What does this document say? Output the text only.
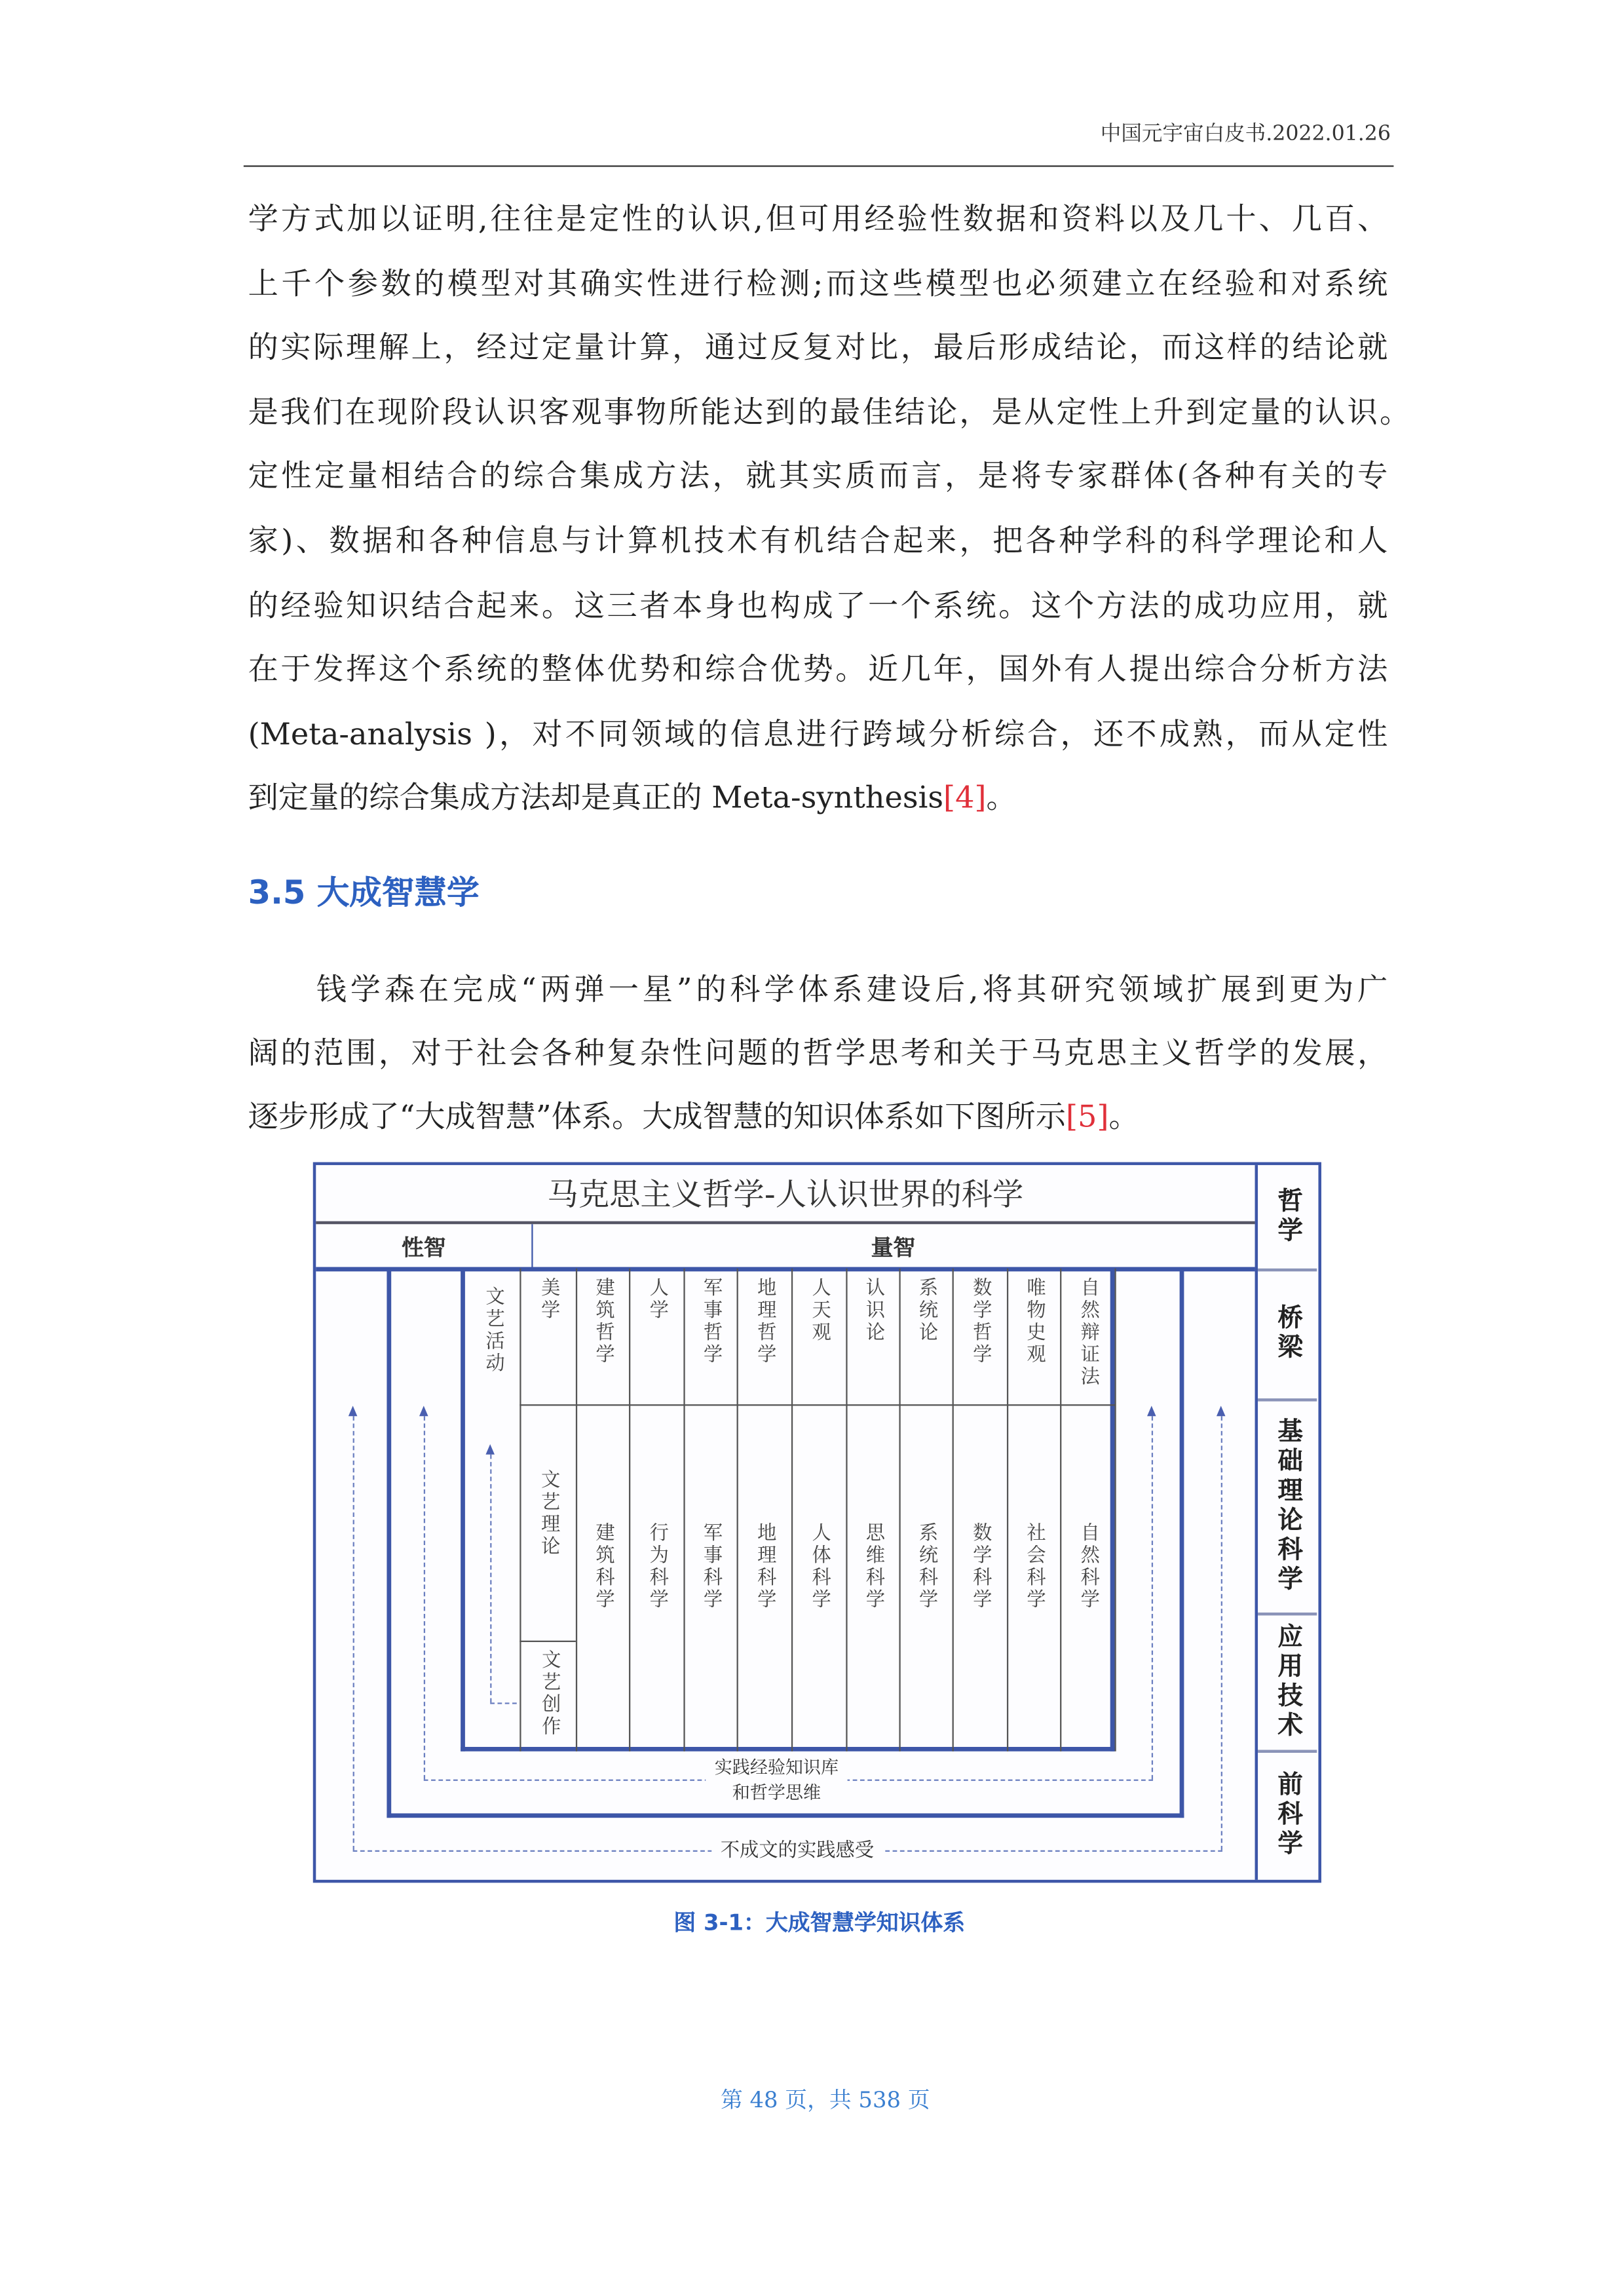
中国元宇宙白皮书.2022.01.26
学方式加以证明,往往是定性的认识,但可用经验性数据和资料以及几十、几百、
上千个参数的模型对其确实性进行检测;而这些模型也必须建立在经验和对系统
的实际理解上，经过定量计算，通过反复对比，最后形成结论，而这样的结论就
是我们在现阶段认识客观事物所能达到的最佳结论，是从定性上升到定量的认识。
定性定量相结合的综合集成方法，就其实质而言，是将专家群体(各种有关的专
家)、数据和各种信息与计算机技术有机结合起来，把各种学科的科学理论和人
的经验知识结合起来。这三者本身也构成了一个系统。这个方法的成功应用，就
在于发挥这个系统的整体优势和综合优势。近几年，国外有人提出综合分析方法
(Meta-analysis )，对不同领域的信息进行跨域分析综合，还不成熟，而从定性
到定量的综合集成方法却是真正的 Meta-synthesis[4]。
3.5 大成智慧学
　　钱学森在完成“两弹一星”的科学体系建设后,将其研究领域扩展到更为广
阔的范围，对于社会各种复杂性问题的哲学思考和关于马克思主义哲学的发展，
逐步形成了“大成智慧”体系。大成智慧的知识体系如下图所示[5]。
哲学
桥梁
基础理论科学
应用技术
前科学
马克思主义哲学-人认识世界的科学
性智	量智
不成文的实践感受
实践经验知识库
和哲学思维
文艺活动
文艺创作
美学
文艺理论
建筑哲学
建筑科学
人学
行为科学
军事哲学
军事科学
地理哲学
地理科学
人天观
人体科学
认识论
思维科学
系统论
系统科学
数学哲学
数学科学
唯物史观
社会科学
自然辩证法
自然科学
图 3-1：大成智慧学知识体系
第 48 页，共 538 页
